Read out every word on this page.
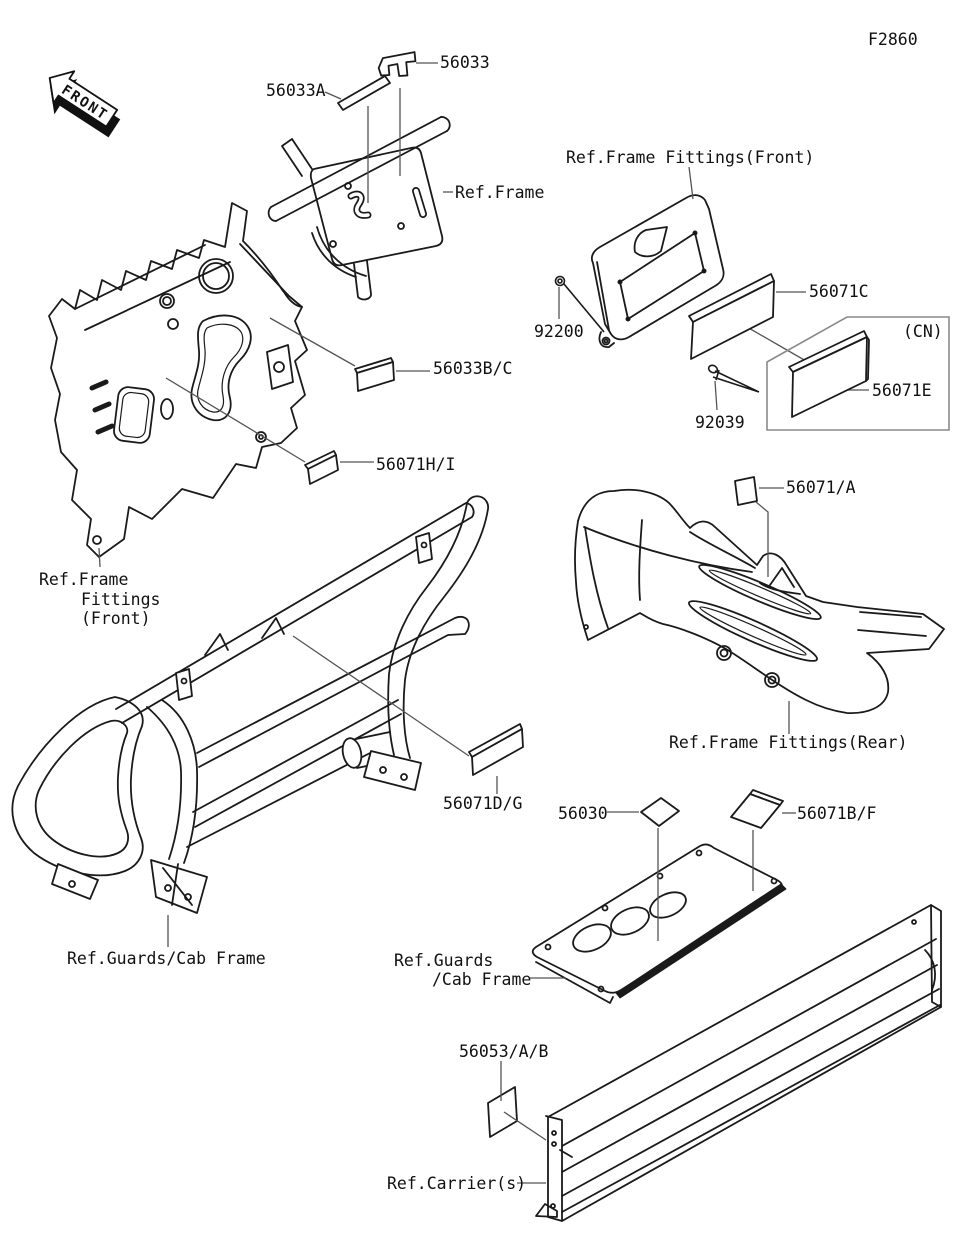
FRONT
F2860
56033
56033A
Ref.Frame
Ref.Frame Fittings(Front)
92200
56071C
(CN)
56071E
92039
56033B/C
56071H/I
Ref.Frame
Fittings
(Front)
56071/A
Ref.Frame Fittings(Rear)
56071D/G
Ref.Guards/Cab Frame
56030	56071B/F
Ref.Guards
/Cab Frame
56053/A/B
Ref.Carrier(s)
